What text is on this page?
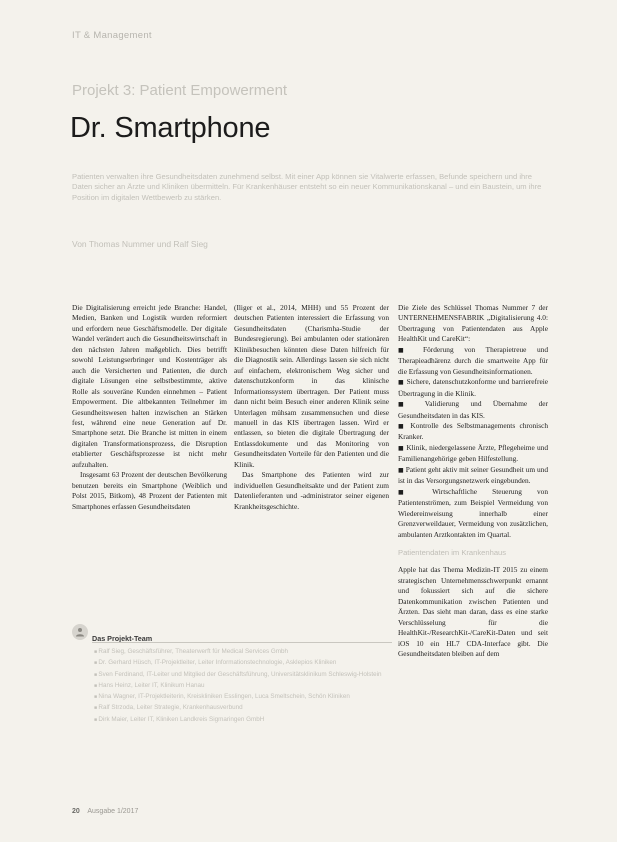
IT & Management
Projekt 3: Patient Empowerment
Dr. Smartphone
Patienten verwalten ihre Gesundheitsdaten zunehmend selbst. Mit einer App können sie Vitalwerte erfassen, Befunde speichern und ihre Daten sicher an Ärzte und Kliniken übermitteln. Für Krankenhäuser entsteht so ein neuer Kommunikationskanal – und ein Baustein, um ihre Position im digitalen Wettbewerb zu stärken.
Von Thomas Nummer und Ralf Sieg

Die Digitalisierung erreicht jede Branche: Handel, Medien, Banken und Logistik wurden reformiert und erfordern neue Geschäftsmodelle. Der digitale Wandel verändert auch die Gesundheitswirtschaft in den nächsten Jahren maßgeblich. Dies betrifft sowohl Leistungserbringer und Kostenträger als auch die Versicherten und Patienten, die durch digitale Lösungen eine selbstbestimmte, aktive Rolle als souveräne Kunden einnehmen – Patient Empowerment. Die altbekannten Teilnehmer im Gesundheitswesen halten inzwischen an Stärken fest, während eine neue Generation auf Dr. Smartphone setzt. Die Branche ist mitten in einem digitalen Transformationsprozess, die Disruption etablierter Geschäftsprozesse ist nicht mehr aufzuhalten.

Insgesamt 63 Prozent der deutschen Bevölkerung benutzen bereits ein Smartphone (Weiblich und Polst 2015, Bitkom), 48 Prozent der Patienten mit Smartphones erfassen Gesundheitsdaten

(Iliger et al., 2014, MHH) und 55 Prozent der deutschen Patienten interessiert die Erfassung von Gesundheitsdaten (Charismha-Studie der Bundesregierung). Bei ambulanten oder stationären Klinikbesuchen könnten diese Daten hilfreich für die Diagnostik sein. Allerdings lassen sie sich nicht auf einfachem, elektronischem Weg sicher und datenschutzkonform in das klinische Informationssystem übertragen. Der Patient muss dann nicht beim Besuch einer anderen Klinik seine Unterlagen mühsam zusammensuchen und diese manuell in das KIS übertragen lassen. Wird er entlassen, so bieten die digitale Übertragung der Entlassdokumente und das Monitoring von Gesundheitsdaten Vorteile für den Patienten und die Klinik.

Das Smartphone des Patienten wird zur individuellen Gesundheitsakte und der Patient zum Datenlieferanten und -administrator seiner eigenen Krankheitsgeschichte.

Die Ziele des Schlüssel Thomas Nummer 7 der UNTERNEHMENSFABRIK „Digitalisierung 4.0: Übertragung von Patientendaten aus Apple HealthKit und CareKit“:

■ Förderung von Therapietreue und Therapieadhärenz durch die smartweite App für die Erfassung von Gesundheitsinformationen.
■ Sichere, datenschutzkonforme und barrierefreie Übertragung in die Klinik.
■ Validierung und Übernahme der Gesundheitsdaten in das KIS.
■ Kontrolle des Selbstmanagements chronisch Kranker.
■ Klinik, niedergelassene Ärzte, Pflegeheime und Familienangehörige geben Hilfestellung.
■ Patient geht aktiv mit seiner Gesundheit um und ist in das Versorgungsnetzwerk eingebunden.
■ Wirtschaftliche Steuerung von Patientenströmen, zum Beispiel Vermeidung von Wiedereinweisung innerhalb einer Grenzverweildauer, Vermeidung von zusätzlichen, ambulanten Arztkontakten im Quartal.
Patientendaten im Krankenhaus

Apple hat das Thema Medizin-IT 2015 zu einem strategischen Unternehmensschwerpunkt ernannt und fokussiert sich auf die sichere Datenkommunikation zwischen Patienten und Ärzten. Das sieht man daran, dass es eine starke Verschlüsselung für die HealthKit-/ResearchKit-/CareKit-Daten und seit iOS 10 ein HL7 CDA-Interface gibt. Die Gesundheitsdaten bleiben auf dem

Das Projekt-Team
■ Ralf Sieg, Geschäftsführer, Theaterwerft für Medical Services Gmbh
■ Dr. Gerhard Hüsch, IT-Projektleiter, Leiter Informationstechnologie, Asklepios Kliniken
■ Sven Ferdinand, IT-Leiter und Mitglied der Geschäftsführung, Universitätsklinikum Schleswig-Holstein
■ Hans Heinz, Leiter IT, Klinikum Hanau
■ Nina Wagner, IT-Projektleiterin, Kreiskliniken Esslingen, Luca Smeltschein, Schön Kliniken
■ Ralf Strzoda, Leiter Strategie, Krankenhausverbund
■ Dirk Maier, Leiter IT, Kliniken Landkreis Sigmaringen GmbH
20 Ausgabe 1/2017
